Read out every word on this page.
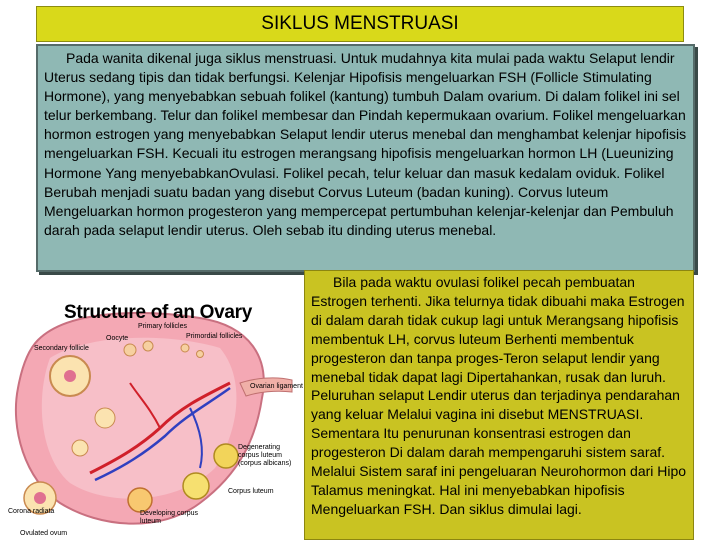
SIKLUS MENSTRUASI

Pada wanita dikenal juga siklus menstruasi. Untuk mudahnya kita mulai pada waktu Selaput lendir Uterus sedang tipis dan tidak berfungsi. Kelenjar Hipofisis mengeluarkan FSH (Follicle Stimulating Hormone), yang menyebabkan sebuah folikel (kantung) tumbuh Dalam ovarium. Di dalam folikel ini sel telur berkembang. Telur dan folikel membesar dan Pindah kepermukaan ovarium. Folikel mengeluarkan hormon estrogen yang menyebabkan Selaput lendir uterus menebal dan menghambat kelenjar hipofisis mengeluarkan FSH. Kecuali itu estrogen merangsang hipofisis mengeluarkan hormon LH (Lueunizing Hormone Yang menyebabkanOvulasi. Folikel pecah, telur keluar dan masuk kedalam oviduk. Folikel Berubah menjadi suatu badan yang disebut Corvus Luteum (badan kuning). Corvus luteum Mengeluarkan hormon progesteron yang mempercepat pertumbuhan kelenjar-kelenjar dan Pembuluh darah pada selaput lendir uterus. Oleh sebab itu dinding uterus menebal.

Structure of an Ovary
Primary follicles
Oocyte	Primordial follicles
Secondary follicle
Ovarian ligament
Degenerating corpus luteum (corpus albicans)
Corpus luteum
Corona radiata	Developing corpus luteum
Ovulated ovum

Bila pada waktu ovulasi folikel pecah pembuatan Estrogen terhenti. Jika telurnya tidak dibuahi maka Estrogen di dalam darah tidak cukup lagi untuk Merangsang hipofisis membentuk LH, corvus luteum Berhenti membentuk progesteron dan tanpa proges-Teron selaput lendir yang menebal tidak dapat lagi Dipertahankan, rusak dan luruh. Peluruhan selaput Lendir uterus dan terjadinya pendarahan yang keluar Melalui vagina ini disebut MENSTRUASI. Sementara Itu penurunan konsentrasi estrogen dan progesteron Di dalam darah mempengaruhi sistem saraf. Melalui Sistem saraf ini pengeluaran Neurohormon dari Hipo Talamus meningkat. Hal ini menyebabkan hipofisis Mengeluarkan FSH. Dan siklus dimulai lagi.
